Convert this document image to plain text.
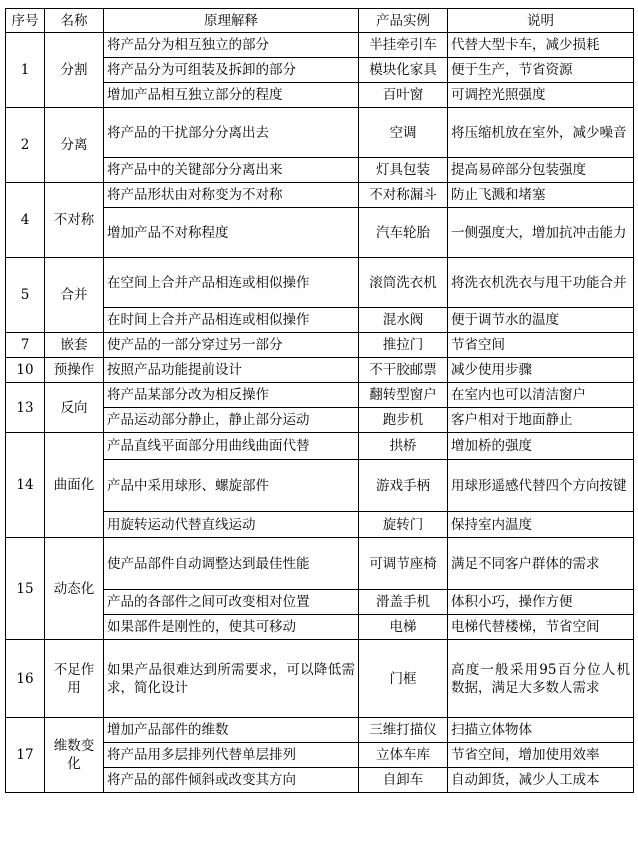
序号	名称	原理解释	产品实例	说明
1	分割	将产品分为相互独立的部分	半挂牵引车	代替大型卡车，减少损耗
		将产品分为可组装及拆卸的部分	模块化家具	便于生产，节省资源
		增加产品相互独立部分的程度	百叶窗	可调控光照强度
2	分离	将产品的干扰部分分离出去	空调	将压缩机放在室外，减少噪音
		将产品中的关键部分分离出来	灯具包装	提高易碎部分包装强度
4	不对称	将产品形状由对称变为不对称	不对称漏斗	防止飞溅和堵塞
		增加产品不对称程度	汽车轮胎	一侧强度大，增加抗冲击能力
5	合并	在空间上合并产品相连或相似操作	滚筒洗衣机	将洗衣机洗衣与甩干功能合并
		在时间上合并产品相连或相似操作	混水阀	便于调节水的温度
7	嵌套	使产品的一部分穿过另一部分	推拉门	节省空间
10	预操作	按照产品功能提前设计	不干胶邮票	减少使用步骤
13	反向	将产品某部分改为相反操作	翻转型窗户	在室内也可以清洁窗户
		产品运动部分静止，静止部分运动	跑步机	客户相对于地面静止
14	曲面化	产品直线平面部分用曲线曲面代替	拱桥	增加桥的强度
		产品中采用球形、螺旋部件	游戏手柄	用球形遥感代替四个方向按键
		用旋转运动代替直线运动	旋转门	保持室内温度
15	动态化	使产品部件自动调整达到最佳性能	可调节座椅	满足不同客户群体的需求
		产品的各部件之间可改变相对位置	滑盖手机	体积小巧，操作方便
		如果部件是刚性的，使其可移动	电梯	电梯代替楼梯，节省空间
16	不足作用	如果产品很难达到所需要求，可以降低需求，简化设计	门框	高度一般采用95百分位人机数据，满足大多数人需求
17	维数变化	增加产品部件的维数	三维打描仪	扫描立体物体
		将产品用多层排列代替单层排列	立体车库	节省空间，增加使用效率
		将产品的部件倾斜或改变其方向	自卸车	自动卸货，减少人工成本
